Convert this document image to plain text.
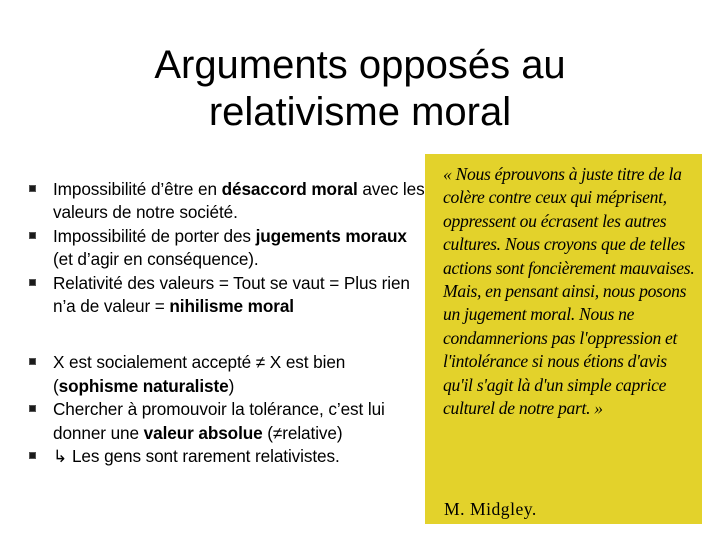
Arguments opposés au
relativisme moral
Impossibilité d’être en désaccord moral avec les valeurs de notre société.
Impossibilité de porter des jugements moraux (et d’agir en conséquence).
Relativité des valeurs = Tout se vaut = Plus rien n’a de valeur = nihilisme moral
X est socialement accepté ≠ X est bien (sophisme naturaliste)
Chercher à promouvoir la tolérance, c’est lui donner une valeur absolue (≠relative)
↳ Les gens sont rarement relativistes.
« Nous éprouvons à juste titre de la colère contre ceux qui méprisent, oppressent ou écrasent les autres cultures. Nous croyons que de telles actions sont foncièrement mauvaises. Mais, en pensant ainsi, nous posons un jugement moral. Nous ne condamnerions pas l'oppression et l'intolérance si nous étions d'avis qu'il s'agit là d'un simple caprice culturel de notre part. »
M. Midgley.
